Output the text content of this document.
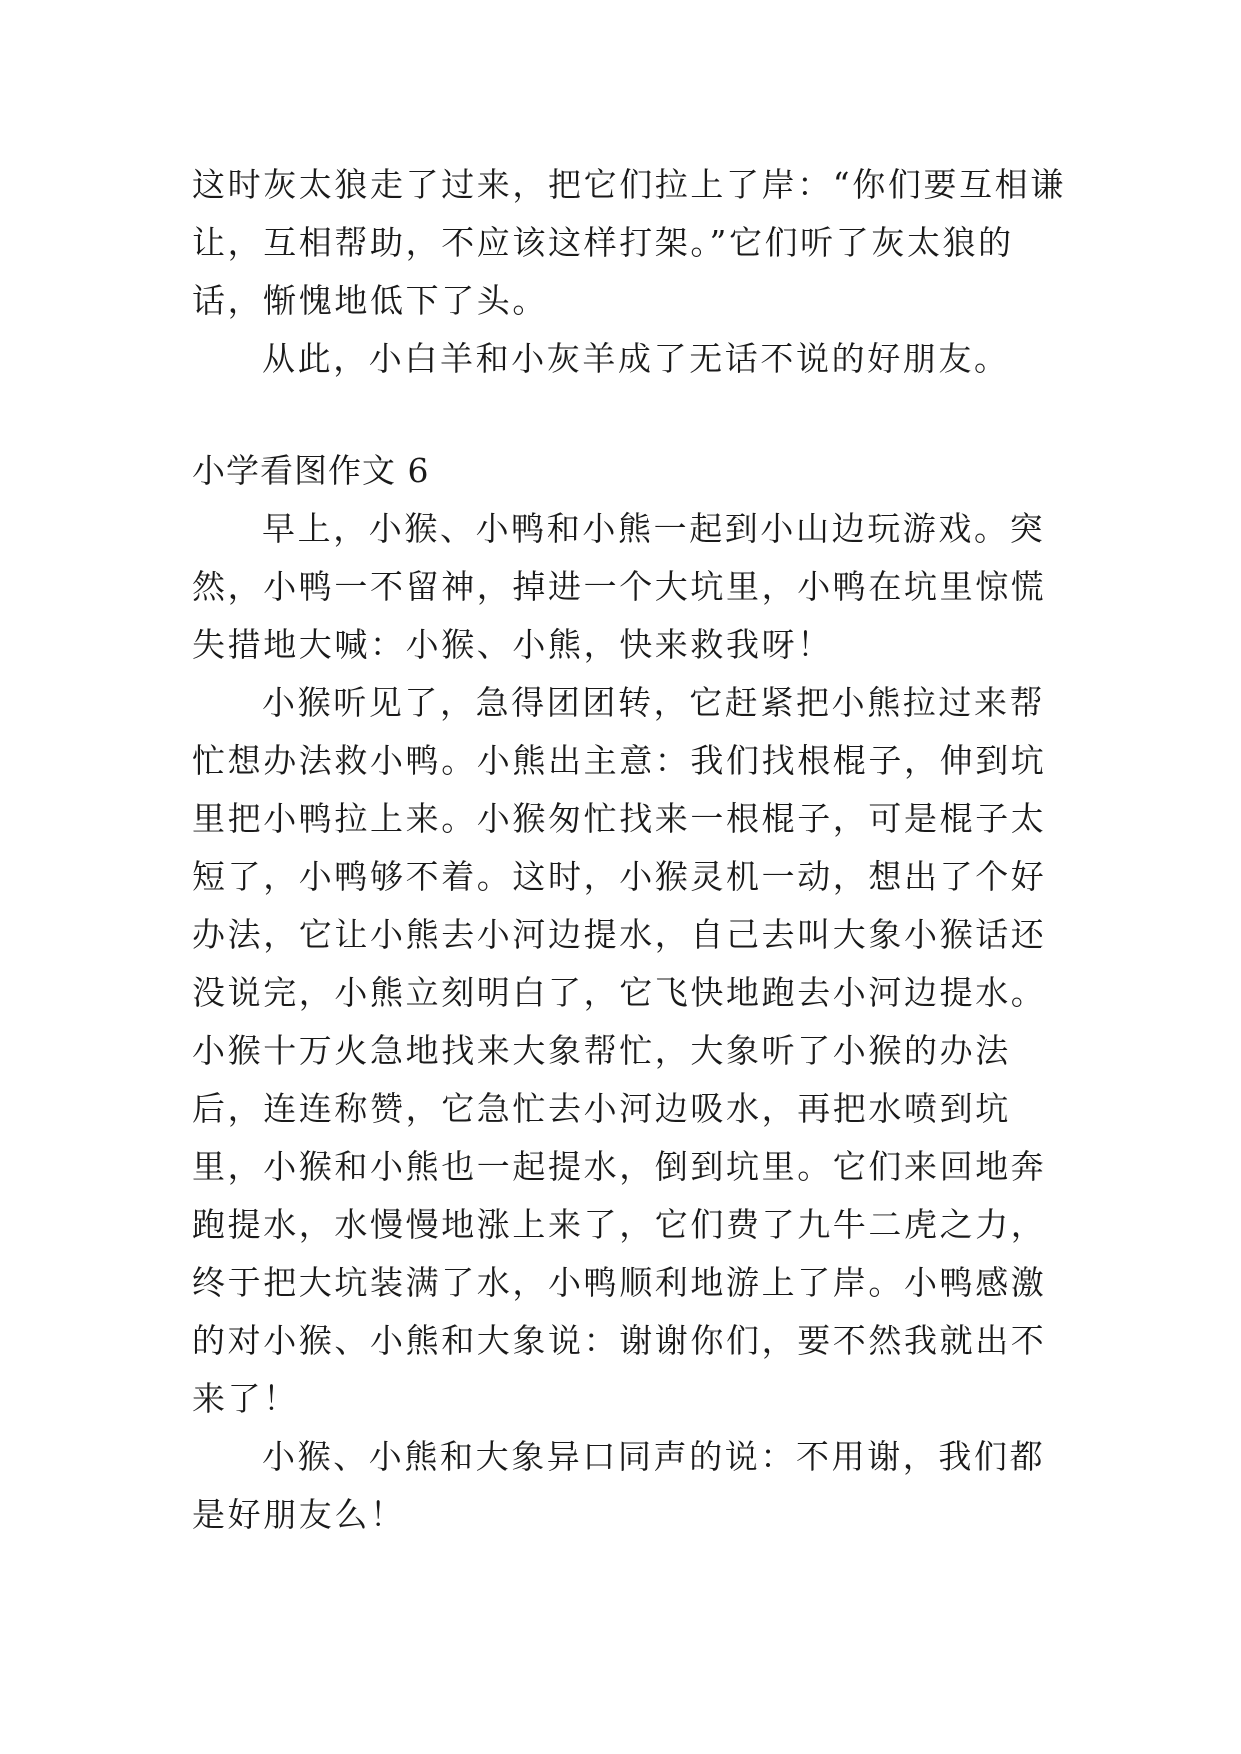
这时灰太狼走了过来，把它们拉上了岸：“你们要互相谦让，互相帮助，不应该这样打架。”它们听了灰太狼的话，惭愧地低下了头。

从此，小白羊和小灰羊成了无话不说的好朋友。

小学看图作文 6

早上，小猴、小鸭和小熊一起到小山边玩游戏。突然，小鸭一不留神，掉进一个大坑里，小鸭在坑里惊慌失措地大喊：小猴、小熊，快来救我呀！

小猴听见了，急得团团转，它赶紧把小熊拉过来帮忙想办法救小鸭。小熊出主意：我们找根棍子，伸到坑里把小鸭拉上来。小猴匆忙找来一根棍子，可是棍子太短了，小鸭够不着。这时，小猴灵机一动，想出了个好办法，它让小熊去小河边提水，自己去叫大象小猴话还没说完，小熊立刻明白了，它飞快地跑去小河边提水。小猴十万火急地找来大象帮忙，大象听了小猴的办法后，连连称赞，它急忙去小河边吸水，再把水喷到坑里，小猴和小熊也一起提水，倒到坑里。它们来回地奔跑提水，水慢慢地涨上来了，它们费了九牛二虎之力，终于把大坑装满了水，小鸭顺利地游上了岸。小鸭感激的对小猴、小熊和大象说：谢谢你们，要不然我就出不来了！

小猴、小熊和大象异口同声的说：不用谢，我们都是好朋友么！
